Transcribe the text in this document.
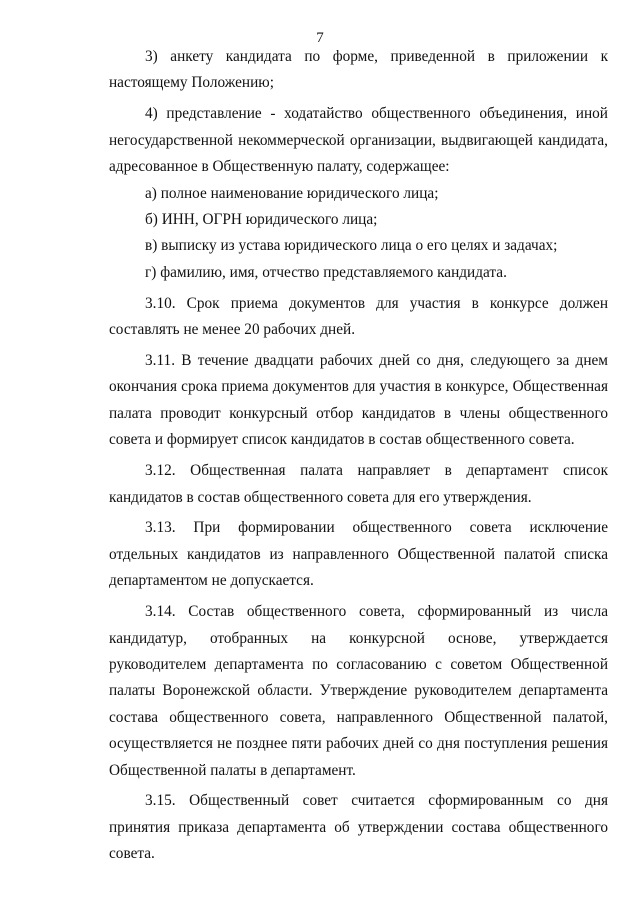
7

3) анкету кандидата по форме, приведенной в приложении к настоящему Положению;

4) представление - ходатайство общественного объединения, иной негосударственной некоммерческой организации, выдвигающей кандидата, адресованное в Общественную палату, содержащее:

а) полное наименование юридического лица;

б) ИНН, ОГРН юридического лица;

в) выписку из устава юридического лица о его целях и задачах;

г) фамилию, имя, отчество представляемого кандидата.

3.10. Срок приема документов для участия в конкурсе должен составлять не менее 20 рабочих дней.

3.11. В течение двадцати рабочих дней со дня, следующего за днем окончания срока приема документов для участия в конкурсе, Общественная палата проводит конкурсный отбор кандидатов в члены общественного совета и формирует список кандидатов в состав общественного совета.

3.12. Общественная палата направляет в департамент список кандидатов в состав общественного совета для его утверждения.

3.13. При формировании общественного совета исключение отдельных кандидатов из направленного Общественной палатой списка департаментом не допускается.

3.14. Состав общественного совета, сформированный из числа кандидатур, отобранных на конкурсной основе, утверждается руководителем департамента по согласованию с советом Общественной палаты Воронежской области. Утверждение руководителем департамента состава общественного совета, направленного Общественной палатой, осуществляется не позднее пяти рабочих дней со дня поступления решения Общественной палаты в департамент.

3.15. Общественный совет считается сформированным со дня принятия приказа департамента об утверждении состава общественного совета.
